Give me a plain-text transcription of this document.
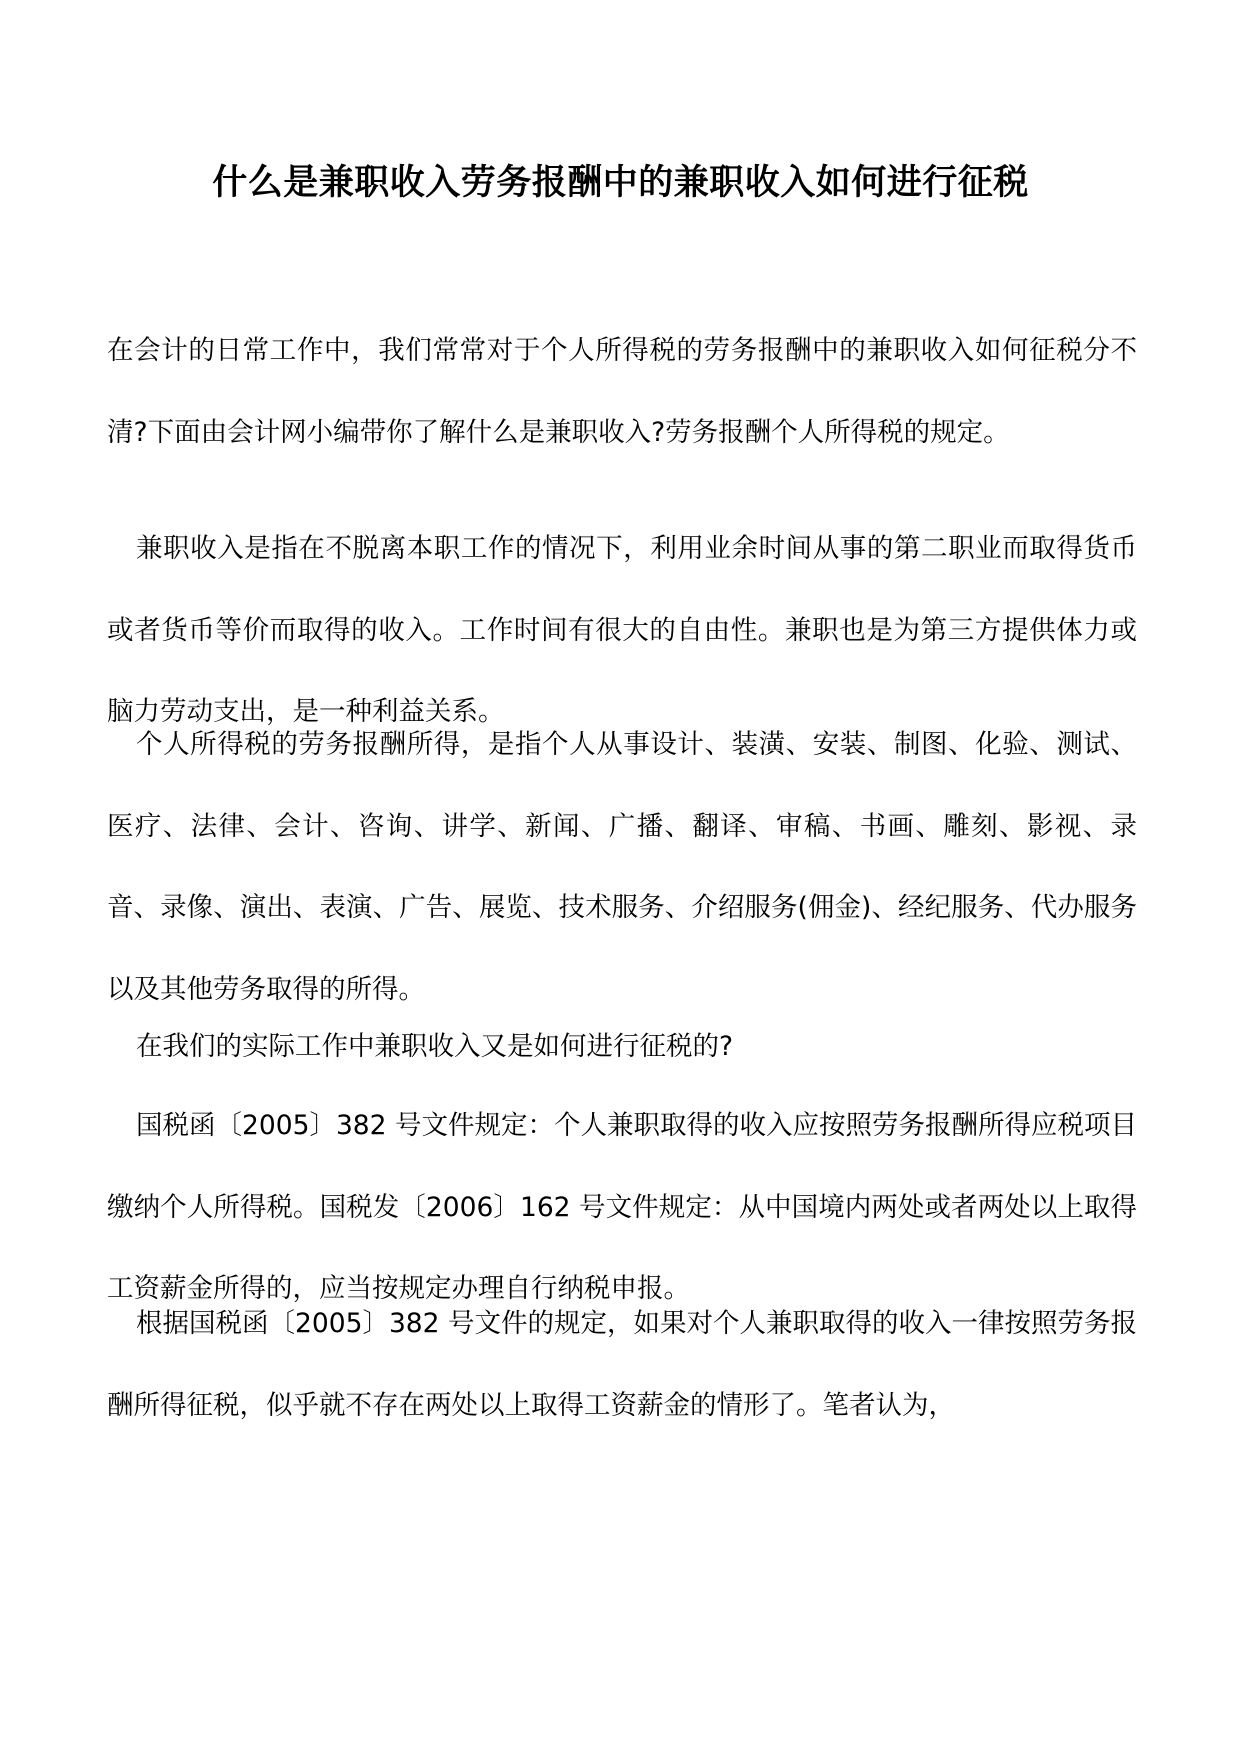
什么是兼职收入劳务报酬中的兼职收入如何进行征税

在会计的日常工作中，我们常常对于个人所得税的劳务报酬中的兼职收入如何征税分不清?下面由会计网小编带你了解什么是兼职收入?劳务报酬个人所得税的规定。

兼职收入是指在不脱离本职工作的情况下，利用业余时间从事的第二职业而取得货币或者货币等价而取得的收入。工作时间有很大的自由性。兼职也是为第三方提供体力或脑力劳动支出，是一种利益关系。

个人所得税的劳务报酬所得，是指个人从事设计、装潢、安装、制图、化验、测试、医疗、法律、会计、咨询、讲学、新闻、广播、翻译、审稿、书画、雕刻、影视、录音、录像、演出、表演、广告、展览、技术服务、介绍服务(佣金)、经纪服务、代办服务以及其他劳务取得的所得。

在我们的实际工作中兼职收入又是如何进行征税的?

国税函〔2005〕382 号文件规定：个人兼职取得的收入应按照劳务报酬所得应税项目缴纳个人所得税。国税发〔2006〕162 号文件规定：从中国境内两处或者两处以上取得工资薪金所得的，应当按规定办理自行纳税申报。

根据国税函〔2005〕382 号文件的规定，如果对个人兼职取得的收入一律按照劳务报酬所得征税，似乎就不存在两处以上取得工资薪金的情形了。笔者认为，
